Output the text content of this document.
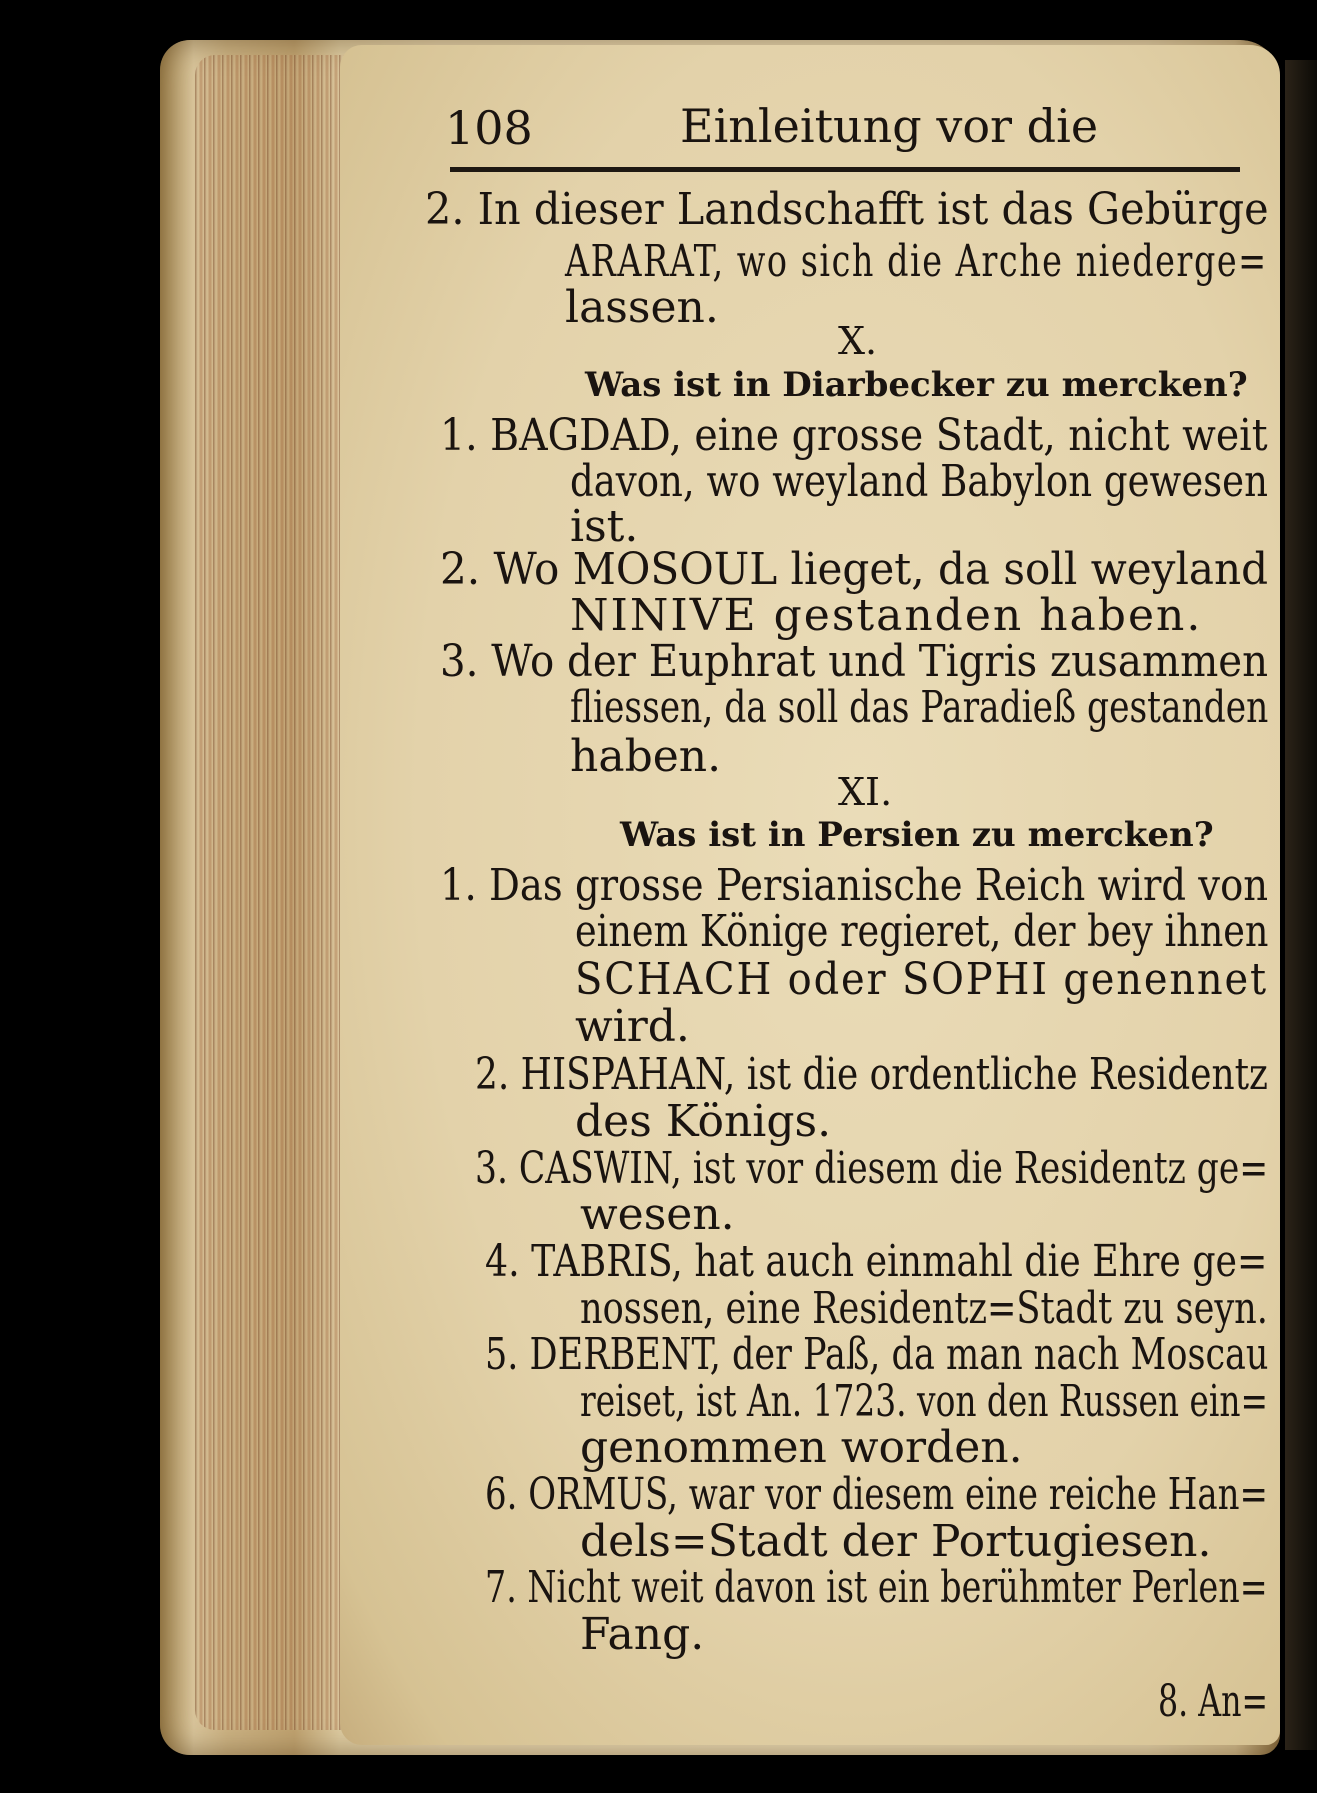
108	Einleitung vor die
2. In dieser Landschafft ist das Gebürge
ARARAT, wo sich die Arche niederge=
lassen.
X.
Was ist in Diarbecker zu mercken?
1. BAGDAD, eine grosse Stadt, nicht weit
davon, wo weyland Babylon gewesen
ist.
2. Wo MOSOUL lieget, da soll weyland
NINIVE gestanden haben.
3. Wo der Euphrat und Tigris zusammen
fliessen, da soll das Paradieß gestanden
haben.
XI.
Was ist in Persien zu mercken?
1. Das grosse Persianische Reich wird von
einem Könige regieret, der bey ihnen
SCHACH oder SOPHI genennet
wird.
2. HISPAHAN, ist die ordentliche Residentz
des Königs.
3. CASWIN, ist vor diesem die Residentz ge=
wesen.
4. TABRIS, hat auch einmahl die Ehre ge=
nossen, eine Residentz=Stadt zu seyn.
5. DERBENT, der Paß, da man nach Moscau
reiset, ist An. 1723. von den Russen ein=
genommen worden.
6. ORMUS, war vor diesem eine reiche Han=
dels=Stadt der Portugiesen.
7. Nicht weit davon ist ein berühmter Perlen=
Fang.
8. An=
